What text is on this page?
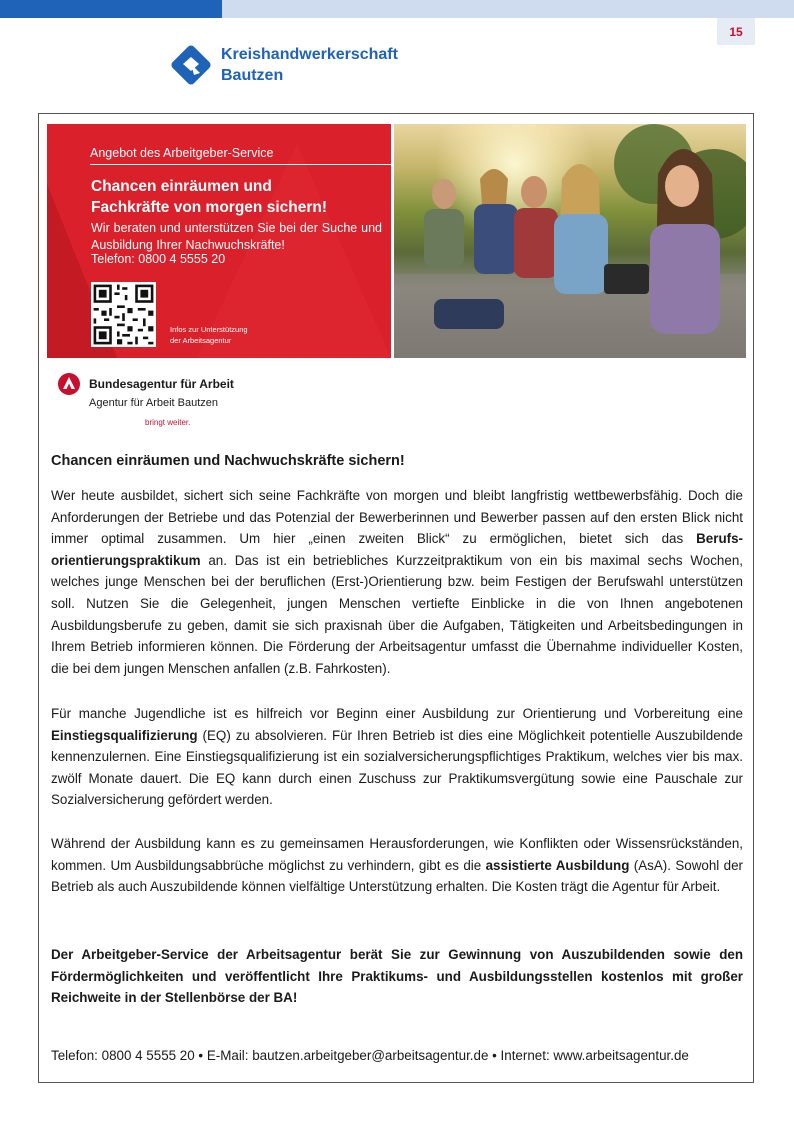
15
Kreishandwerkerschaft
Bautzen
Angebot des Arbeitgeber-Service
Chancen einräumen und
Fachkräfte von morgen sichern!
Wir beraten und unterstützen Sie bei der Suche und Ausbildung Ihrer Nachwuchskräfte!
Telefon: 0800 4 5555 20
Infos zur Unterstützung
der Arbeitsagentur
Bundesagentur für Arbeit
Agentur für Arbeit Bautzen
bringt weiter.
Chancen einräumen und Nachwuchskräfte sichern!
Wer heute ausbildet, sichert sich seine Fachkräfte von morgen und bleibt langfristig wettbewerbsfähig. Doch die Anforderungen der Betriebe und das Potenzial der Bewerberinnen und Bewerber passen auf den ersten Blick nicht immer optimal zusammen. Um hier „einen zweiten Blick“ zu ermöglichen, bietet sich das Berufsorientierungspraktikum an. Das ist ein betriebliches Kurzzeitpraktikum von ein bis maximal sechs Wochen, welches junge Menschen bei der beruflichen (Erst-)Orientierung bzw. beim Festigen der Berufswahl unterstützen soll. Nutzen Sie die Gelegenheit, jungen Menschen vertiefte Einblicke in die von Ihnen angebotenen Ausbildungsberufe zu geben, damit sie sich praxisnah über die Aufgaben, Tätigkeiten und Arbeitsbedingungen in Ihrem Betrieb informieren können. Die Förderung der Arbeitsagentur umfasst die Übernahme individueller Kosten, die bei dem jungen Menschen anfallen (z.B. Fahrkosten).
Für manche Jugendliche ist es hilfreich vor Beginn einer Ausbildung zur Orientierung und Vorbereitung eine Einstiegsqualifizierung (EQ) zu absolvieren. Für Ihren Betrieb ist dies eine Möglichkeit potentielle Auszubildende kennenzulernen. Eine Einstiegsqualifizierung ist ein sozialversicherungspflichtiges Praktikum, welches vier bis max. zwölf Monate dauert. Die EQ kann durch einen Zuschuss zur Praktikumsvergütung sowie eine Pauschale zur Sozialversicherung gefördert werden.
Während der Ausbildung kann es zu gemeinsamen Herausforderungen, wie Konflikten oder Wissensrückständen, kommen. Um Ausbildungsabbrüche möglichst zu verhindern, gibt es die assistierte Ausbildung (AsA). Sowohl der Betrieb als auch Auszubildende können vielfältige Unterstützung erhalten. Die Kosten trägt die Agentur für Arbeit.
Der Arbeitgeber-Service der Arbeitsagentur berät Sie zur Gewinnung von Auszubildenden sowie den Fördermöglichkeiten und veröffentlicht Ihre Praktikums- und Ausbildungsstellen kostenlos mit großer Reichweite in der Stellenbörse der BA!
Telefon: 0800 4 5555 20 • E-Mail: bautzen.arbeitgeber@arbeitsagentur.de • Internet: www.arbeitsagentur.de
